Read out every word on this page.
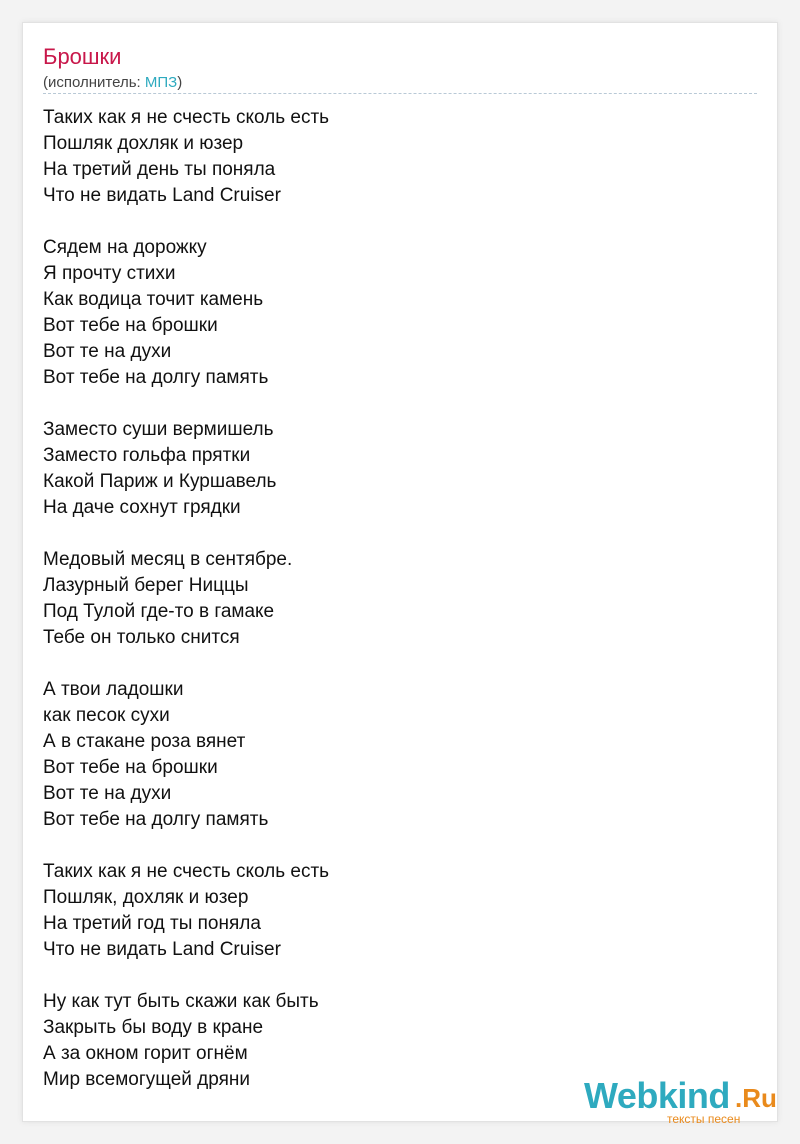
Брошки
(исполнитель: МПЗ)
Таких как я не счесть сколь есть
Пошляк дохляк и юзер
На третий день ты поняла
Что не видать Land Cruiser
Сядем на дорожку
Я прочту стихи
Как водица точит камень
Вот тебе на брошки
Вот те на духи
Вот тебе на долгу память
Заместо суши вермишель
Заместо гольфа прятки
Какой Париж и Куршавель
На даче сохнут грядки
Медовый месяц в сентябре.
Лазурный берег Ниццы
Под Тулой где-то в гамаке
Тебе он только снится
А твои ладошки
как песок сухи
А в стакане роза вянет
Вот тебе на брошки
Вот те на духи
Вот тебе на долгу память
Таких как я не счесть сколь есть
Пошляк, дохляк и юзер
На третий год ты поняла
Что не видать Land Cruiser
Ну как тут быть скажи как быть
Закрыть бы воду в кране
А за окном горит огнём
Мир всемогущей дряни	Webkind .Ru
тексты песен
